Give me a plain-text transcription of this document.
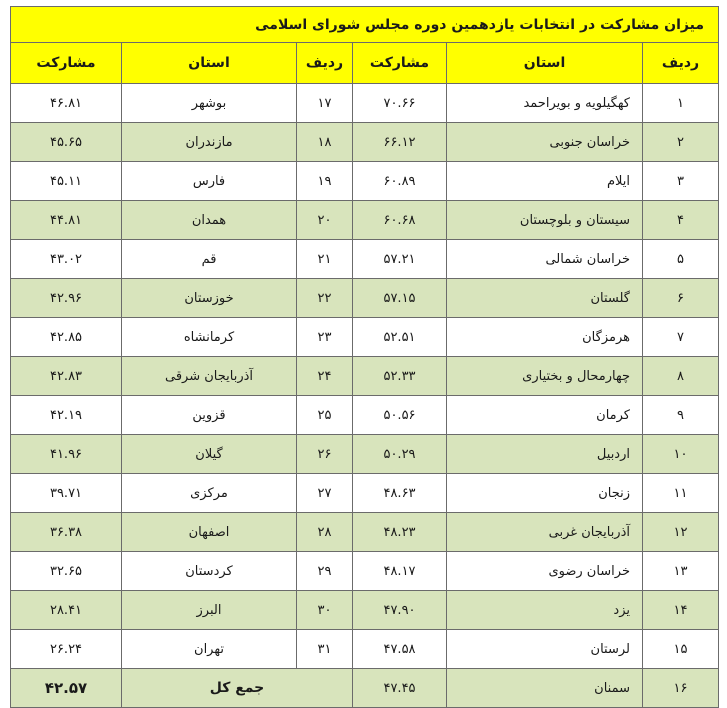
میزان مشارکت در انتخابات یازدهمین دوره مجلس شورای اسلامی					
ردیف	استان	مشارکت	ردیف	استان	مشارکت
۱	کهگیلویه و بویراحمد	۷۰.۶۶	۱۷	بوشهر	۴۶.۸۱
۲	خراسان جنوبی	۶۶.۱۲	۱۸	مازندران	۴۵.۶۵
۳	ایلام	۶۰.۸۹	۱۹	فارس	۴۵.۱۱
۴	سیستان و بلوچستان	۶۰.۶۸	۲۰	همدان	۴۴.۸۱
۵	خراسان شمالی	۵۷.۲۱	۲۱	قم	۴۳.۰۲
۶	گلستان	۵۷.۱۵	۲۲	خوزستان	۴۲.۹۶
۷	هرمزگان	۵۲.۵۱	۲۳	کرمانشاه	۴۲.۸۵
۸	چهارمحال و بختیاری	۵۲.۳۳	۲۴	آذربایجان شرقی	۴۲.۸۳
۹	کرمان	۵۰.۵۶	۲۵	قزوین	۴۲.۱۹
۱۰	اردبیل	۵۰.۲۹	۲۶	گیلان	۴۱.۹۶
۱۱	زنجان	۴۸.۶۳	۲۷	مرکزی	۳۹.۷۱
۱۲	آذربایجان غربی	۴۸.۲۳	۲۸	اصفهان	۳۶.۳۸
۱۳	خراسان رضوی	۴۸.۱۷	۲۹	کردستان	۳۲.۶۵
۱۴	یزد	۴۷.۹۰	۳۰	البرز	۲۸.۴۱
۱۵	لرستان	۴۷.۵۸	۳۱	تهران	۲۶.۲۴
۱۶	سمنان	۴۷.۴۵	جمع کل		۴۲.۵۷
